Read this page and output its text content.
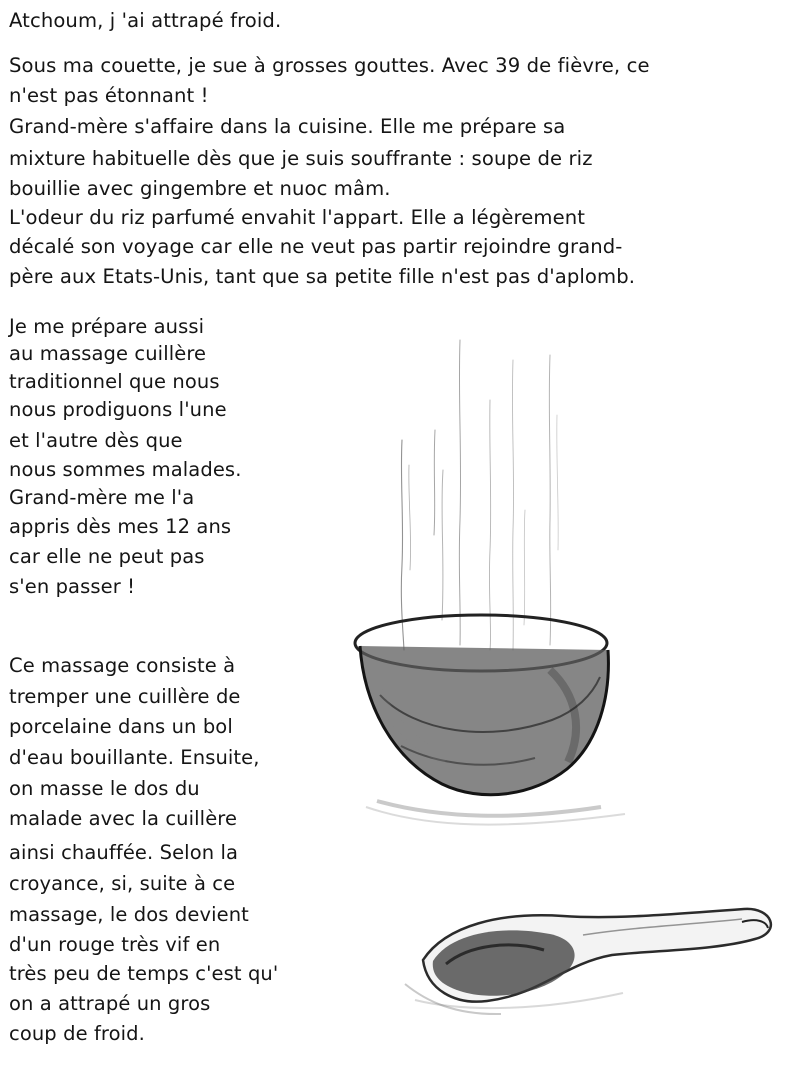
Atchoum, j 'ai attrapé froid.
Sous ma couette, je sue à grosses gouttes. Avec 39 de fièvre, ce
n'est pas étonnant !
Grand-mère s'affaire dans la cuisine. Elle me prépare sa
mixture habituelle dès que je suis souffrante : soupe de riz
bouillie avec gingembre et nuoc mâm.
L'odeur du riz parfumé envahit l'appart. Elle a légèrement
décalé son voyage car elle ne veut pas partir rejoindre grand-
père aux Etats-Unis, tant que sa petite fille n'est pas d'aplomb.
Je me prépare aussi
au massage cuillère
traditionnel que nous
nous prodiguons l'une
et l'autre dès que
nous sommes malades.
Grand-mère me l'a
appris dès mes 12 ans
car elle ne peut pas
s'en passer !
Ce massage consiste à
tremper une cuillère de
porcelaine dans un bol
d'eau bouillante. Ensuite,
on masse le dos du
malade avec la cuillère
ainsi chauffée. Selon la
croyance, si, suite à ce
massage, le dos devient
d'un rouge très vif en
très peu de temps c'est qu'
on a attrapé un gros
coup de froid.
